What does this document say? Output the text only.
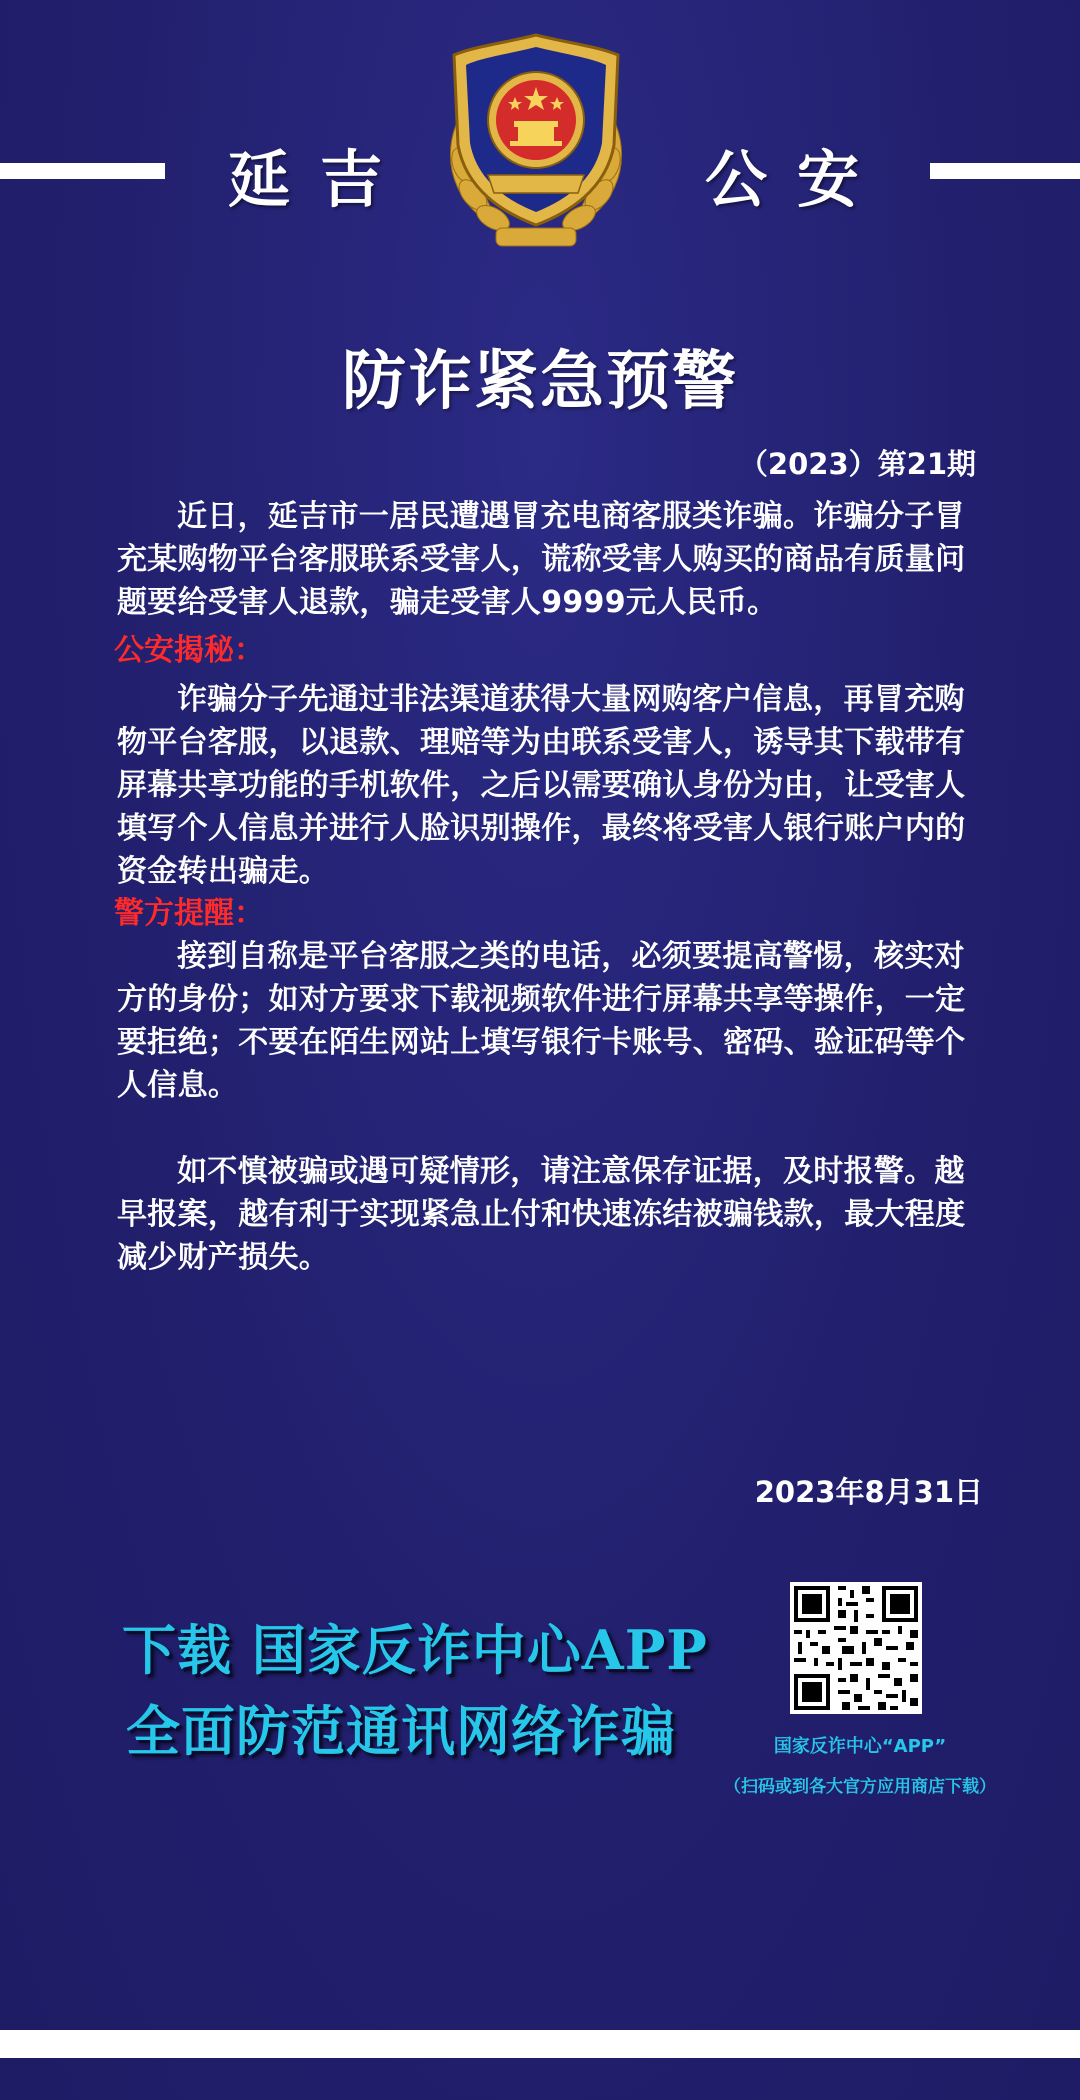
延吉	公安
防诈紧急预警
（2023）第21期

近日，延吉市一居民遭遇冒充电商客服类诈骗。诈骗分子冒充某购物平台客服联系受害人，谎称受害人购买的商品有质量问题要给受害人退款，骗走受害人9999元人民币。

公安揭秘：

诈骗分子先通过非法渠道获得大量网购客户信息，再冒充购物平台客服，以退款、理赔等为由联系受害人，诱导其下载带有屏幕共享功能的手机软件，之后以需要确认身份为由，让受害人填写个人信息并进行人脸识别操作，最终将受害人银行账户内的资金转出骗走。

警方提醒：

接到自称是平台客服之类的电话，必须要提高警惕，核实对方的身份；如对方要求下载视频软件进行屏幕共享等操作，一定要拒绝；不要在陌生网站上填写银行卡账号、密码、验证码等个人信息。

如不慎被骗或遇可疑情形，请注意保存证据，及时报警。越早报案，越有利于实现紧急止付和快速冻结被骗钱款，最大程度减少财产损失。

2023年8月31日
下载 国家反诈中心APP
全面防范通讯网络诈骗	国家反诈中心“APP”
（扫码或到各大官方应用商店下载）
